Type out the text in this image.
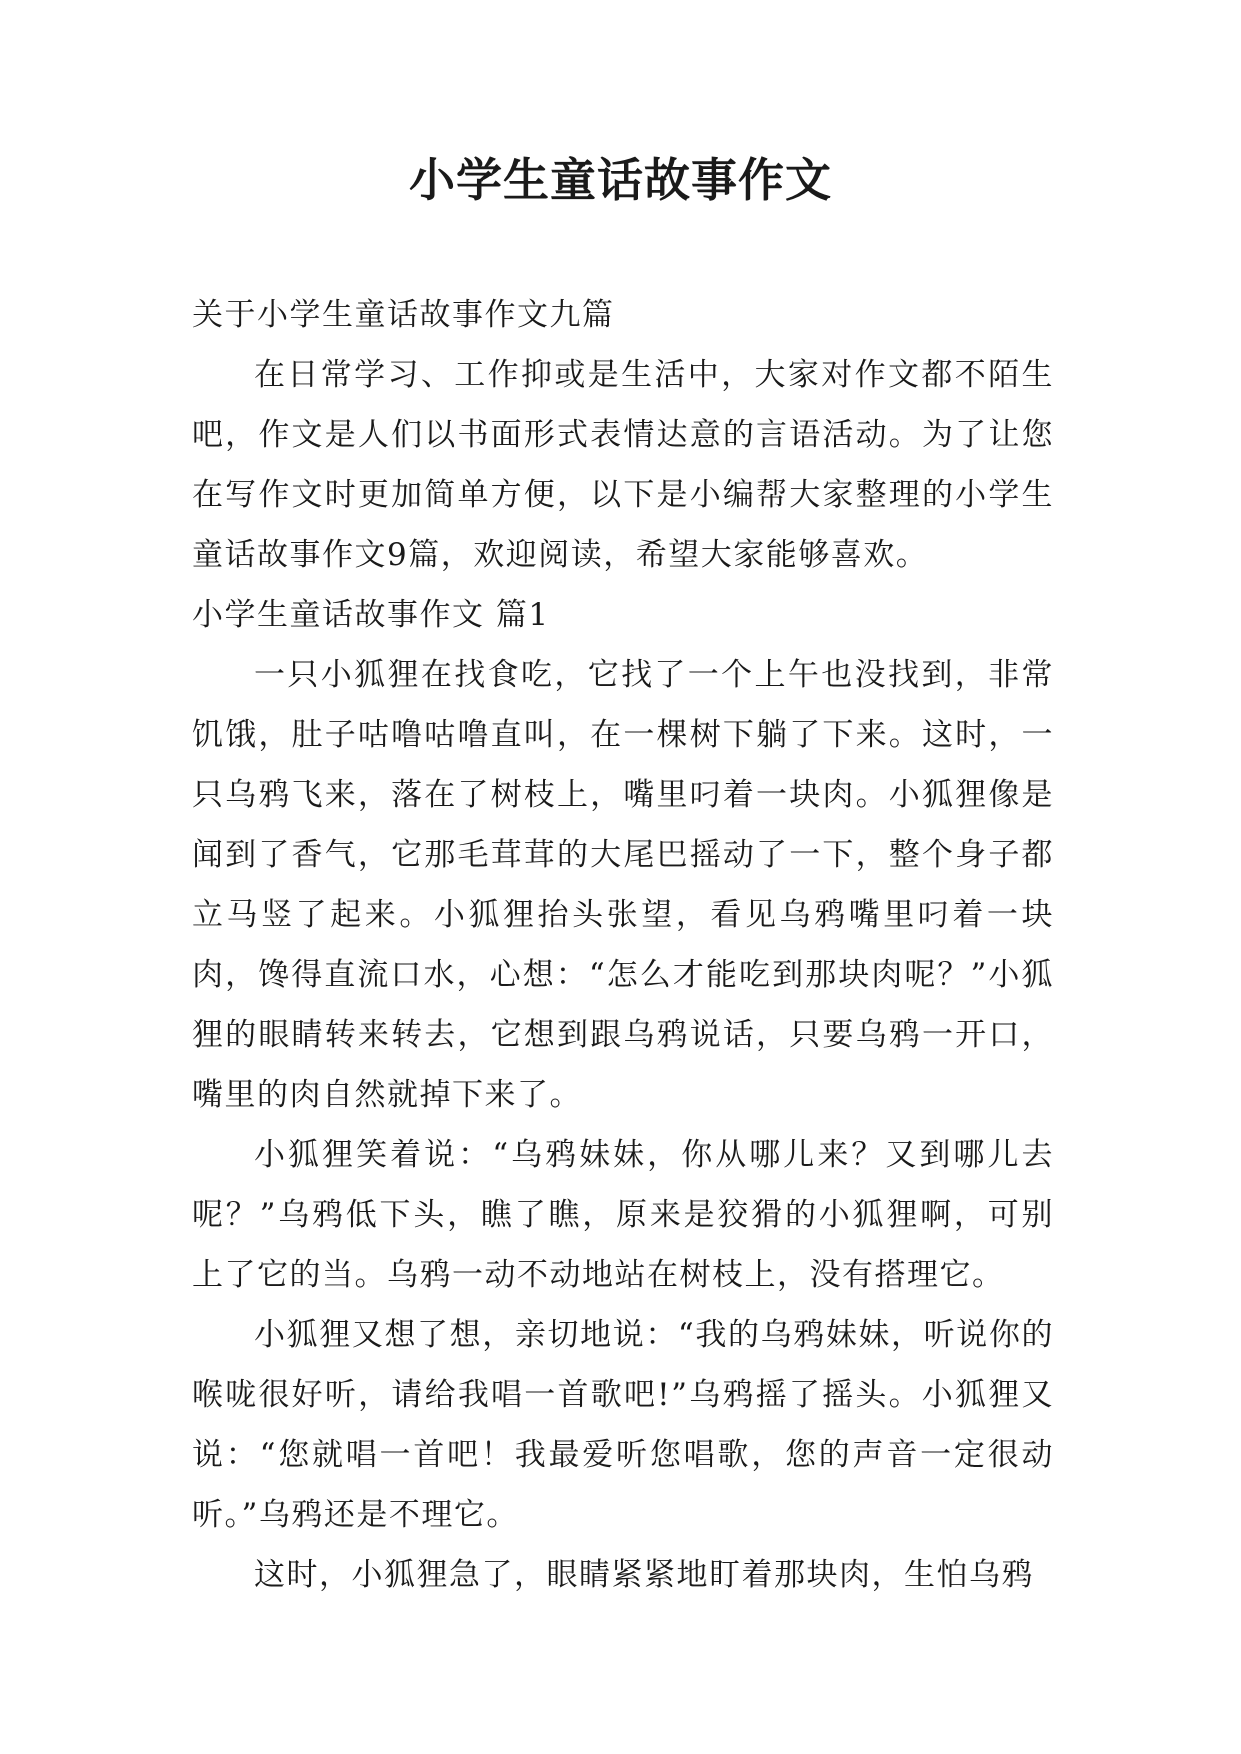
小学生童话故事作文

关于小学生童话故事作文九篇

在日常学习、工作抑或是生活中，大家对作文都不陌生吧，作文是人们以书面形式表情达意的言语活动。为了让您在写作文时更加简单方便，以下是小编帮大家整理的小学生童话故事作文9篇，欢迎阅读，希望大家能够喜欢。

小学生童话故事作文 篇1

一只小狐狸在找食吃，它找了一个上午也没找到，非常饥饿，肚子咕噜咕噜直叫，在一棵树下躺了下来。这时，一只乌鸦飞来，落在了树枝上，嘴里叼着一块肉。小狐狸像是闻到了香气，它那毛茸茸的大尾巴摇动了一下，整个身子都立马竖了起来。小狐狸抬头张望，看见乌鸦嘴里叼着一块肉，馋得直流口水，心想：“怎么才能吃到那块肉呢？”小狐狸的眼睛转来转去，它想到跟乌鸦说话，只要乌鸦一开口，嘴里的肉自然就掉下来了。

小狐狸笑着说：“乌鸦妹妹，你从哪儿来？又到哪儿去呢？”乌鸦低下头，瞧了瞧，原来是狡猾的小狐狸啊，可别上了它的当。乌鸦一动不动地站在树枝上，没有搭理它。

小狐狸又想了想，亲切地说：“我的乌鸦妹妹，听说你的喉咙很好听，请给我唱一首歌吧!”乌鸦摇了摇头。小狐狸又说：“您就唱一首吧！我最爱听您唱歌，您的声音一定很动听。”乌鸦还是不理它。

这时，小狐狸急了，眼睛紧紧地盯着那块肉，生怕乌鸦
